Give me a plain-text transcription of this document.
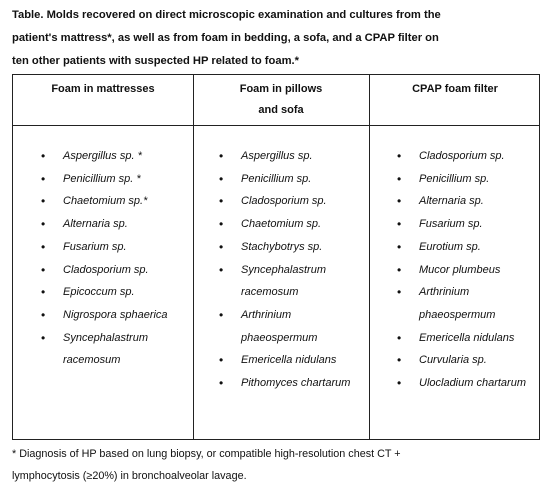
Table. Molds recovered on direct microscopic examination and cultures from the
patient's mattress*, as well as from foam in bedding, a sofa, and a CPAP filter on
ten other patients with suspected HP related to foam.*
Foam in mattresses	Foam in pillows
and sofa
CPAP foam filter
• Aspergillus sp. *
• Penicillium sp. *
• Chaetomium sp.*
• Alternaria sp.
• Fusarium sp.
• Cladosporium sp.
• Epicoccum sp.
• Nigrospora sphaerica
• Syncephalastrum racemosum
• Aspergillus sp.
• Penicillium sp.
• Cladosporium sp.
• Chaetomium sp.
• Stachybotrys sp.
• Syncephalastrum racemosum
• Arthrinium phaeospermum
• Emericella nidulans
• Pithomyces chartarum
• Cladosporium sp.
• Penicillium sp.
• Alternaria sp.
• Fusarium sp.
• Eurotium sp.
• Mucor plumbeus
• Arthrinium phaeospermum
• Emericella nidulans
• Curvularia sp.
• Ulocladium chartarum
* Diagnosis of HP based on lung biopsy, or compatible high-resolution chest CT +
lymphocytosis (≥20%) in bronchoalveolar lavage.
